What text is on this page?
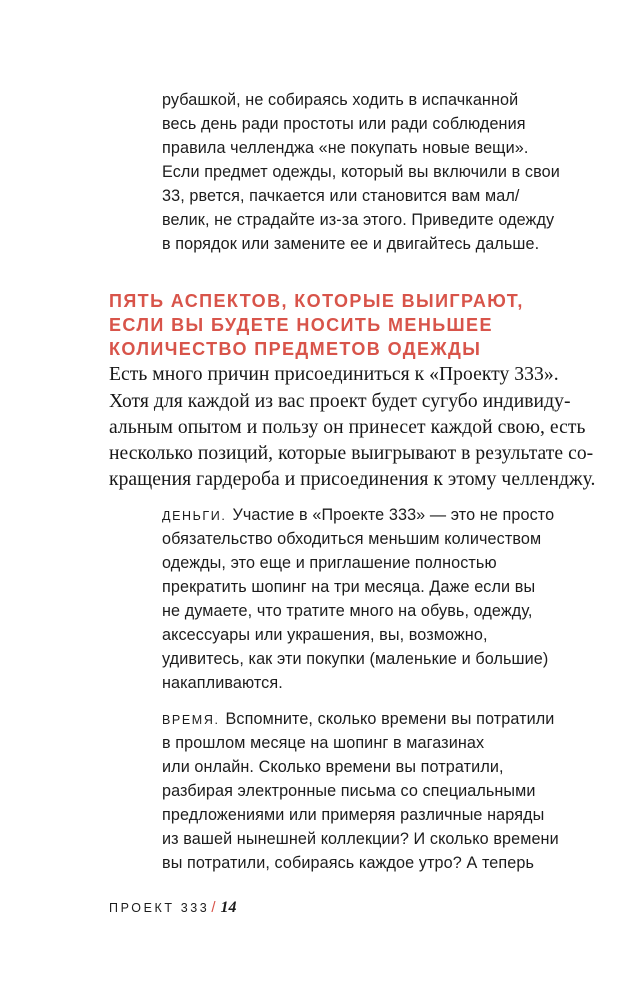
рубашкой, не собираясь ходить в испачканной
весь день ради простоты или ради соблюдения
правила челленджа «не покупать новые вещи».
Если предмет одежды, который вы включили в свои
33, рвется, пачкается или становится вам мал/
велик, не страдайте из-за этого. Приведите одежду
в порядок или замените ее и двигайтесь дальше.
ПЯТЬ АСПЕКТОВ, КОТОРЫЕ ВЫИГРАЮТ,
ЕСЛИ ВЫ БУДЕТЕ НОСИТЬ МЕНЬШЕЕ
КОЛИЧЕСТВО ПРЕДМЕТОВ ОДЕЖДЫ
Есть много причин присоединиться к «Проекту 333».
Хотя для каждой из вас проект будет сугубо индивиду-
альным опытом и пользу он принесет каждой свою, есть
несколько позиций, которые выигрывают в результате со-
кращения гардероба и присоединения к этому челленджу.
ДЕНЬГИ. Участие в «Проекте 333» — это не просто
обязательство обходиться меньшим количеством
одежды, это еще и приглашение полностью
прекратить шопинг на три месяца. Даже если вы
не думаете, что тратите много на обувь, одежду,
аксессуары или украшения, вы, возможно,
удивитесь, как эти покупки (маленькие и большие)
накапливаются.
ВРЕМЯ. Вспомните, сколько времени вы потратили
в прошлом месяце на шопинг в магазинах
или онлайн. Сколько времени вы потратили,
разбирая электронные письма со специальными
предложениями или примеряя различные наряды
из вашей нынешней коллекции? И сколько времени
вы потратили, собираясь каждое утро? А теперь
ПРОЕКТ 333 / 14
